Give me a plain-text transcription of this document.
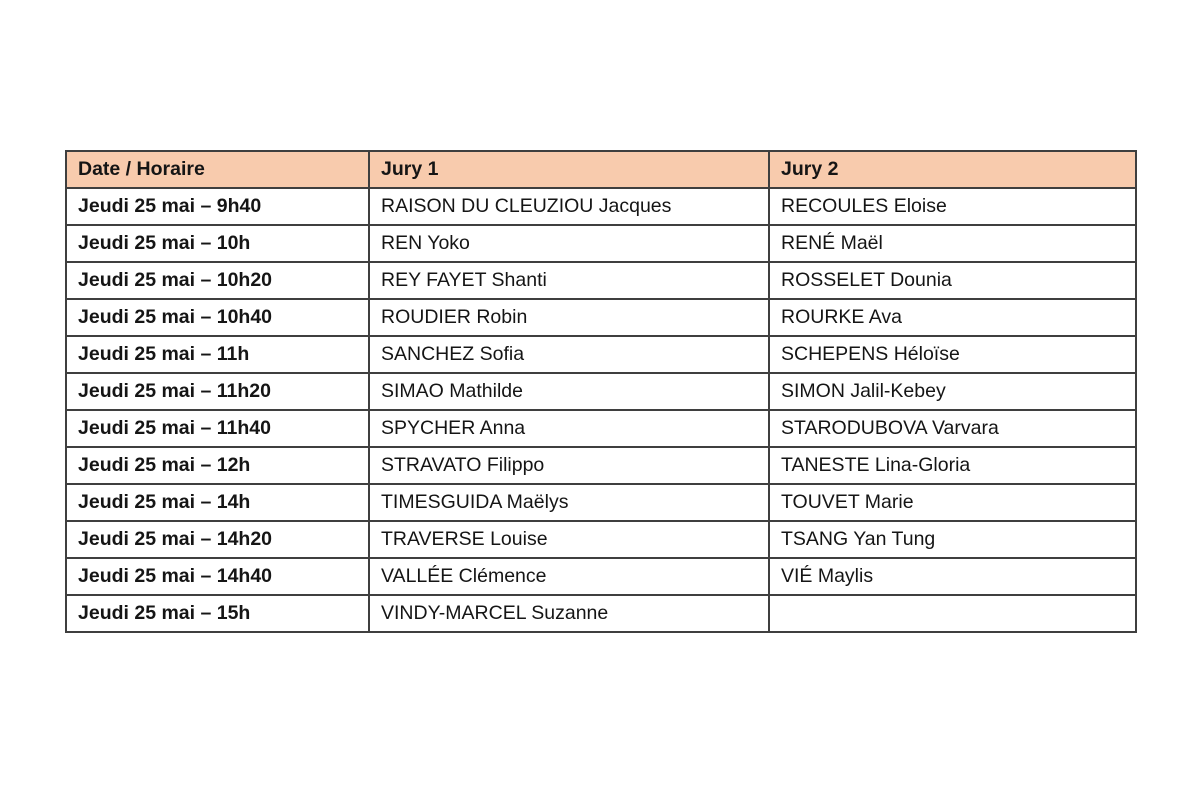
Date / Horaire	Jury 1	Jury 2
Jeudi 25 mai – 9h40	RAISON DU CLEUZIOU Jacques	RECOULES Eloise
Jeudi 25 mai – 10h	REN Yoko	RENÉ Maël
Jeudi 25 mai – 10h20	REY FAYET Shanti	ROSSELET Dounia
Jeudi 25 mai – 10h40	ROUDIER Robin	ROURKE Ava
Jeudi 25 mai – 11h	SANCHEZ Sofia	SCHEPENS Héloïse
Jeudi 25 mai – 11h20	SIMAO Mathilde	SIMON Jalil-Kebey
Jeudi 25 mai – 11h40	SPYCHER Anna	STARODUBOVA Varvara
Jeudi 25 mai – 12h	STRAVATO Filippo	TANESTE Lina-Gloria
Jeudi 25 mai – 14h	TIMESGUIDA Maëlys	TOUVET Marie
Jeudi 25 mai – 14h20	TRAVERSE Louise	TSANG Yan Tung
Jeudi 25 mai – 14h40	VALLÉE Clémence	VIÉ Maylis
Jeudi 25 mai – 15h	VINDY-MARCEL Suzanne	
